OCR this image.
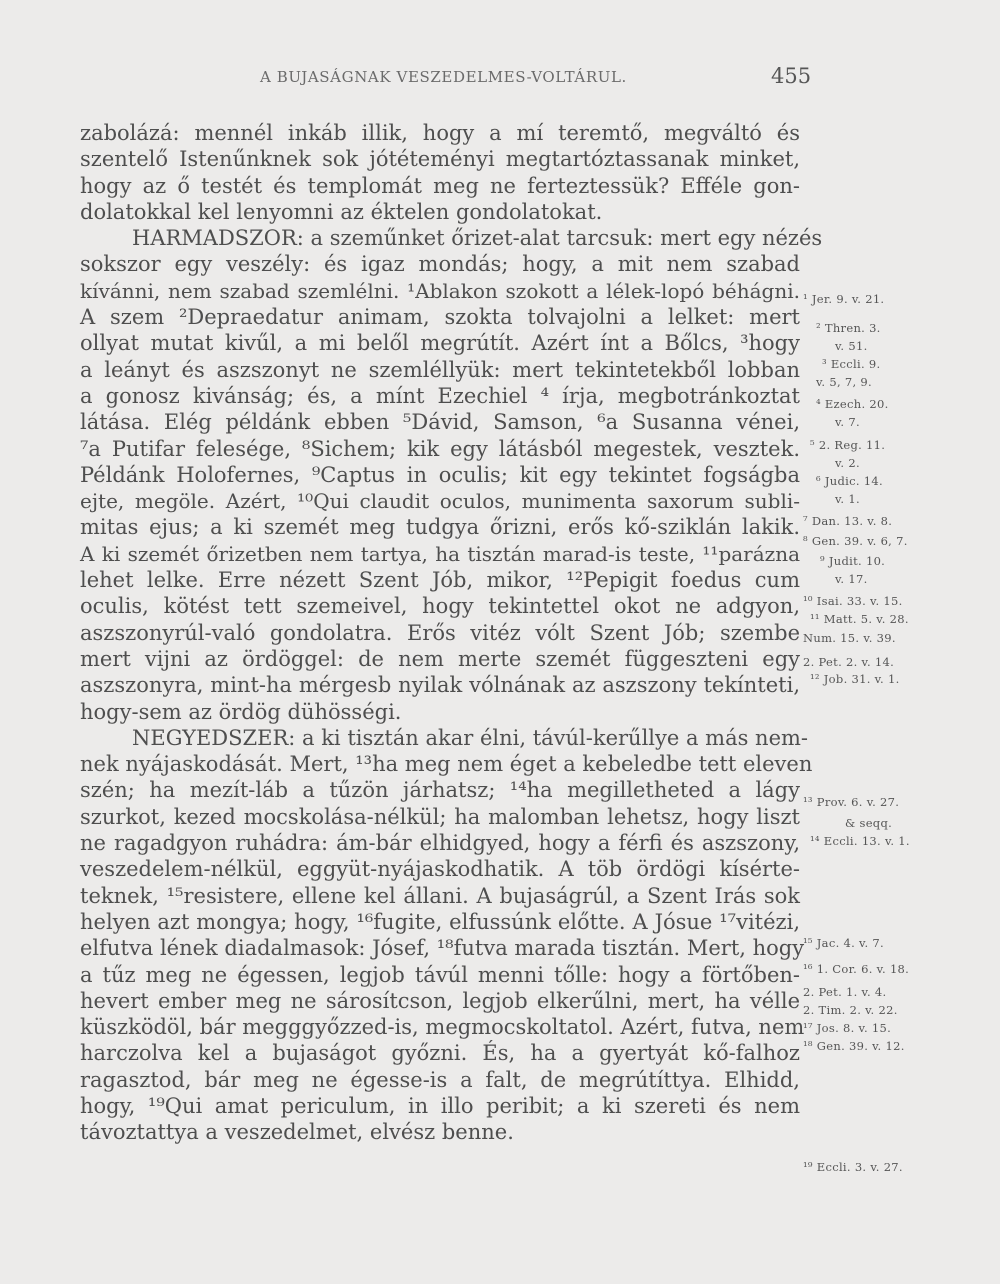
A BUJASÁGNAK VESZEDELMES-VOLTÁRUL.	455
zabolázá: mennél inkáb illik, hogy a mí teremtő, megváltó és
szentelő Istenűnknek sok jótéteményi megtartóztassanak minket,
hogy az ő testét és templomát meg ne ferteztessük? Efféle gon-
dolatokkal kel lenyomni az éktelen gondolatokat.
HARMADSZOR: a szeműnket őrizet-alat tarcsuk: mert egy nézés
sokszor egy veszély: és igaz mondás; hogy, a mit nem szabad
kívánni, nem szabad szemlélni. ¹Ablakon szokott a lélek-lopó béhágni.
A szem ²Depraedatur animam, szokta tolvajolni a lelket: mert
ollyat mutat kivűl, a mi belől megrútít. Azért ínt a Bőlcs, ³hogy
a leányt és aszszonyt ne szemléllyük: mert tekintetekből lobban
a gonosz kivánság; és, a mínt Ezechiel ⁴ írja, megbotránkoztat
látása. Elég példánk ebben ⁵Dávid, Samson, ⁶a Susanna vénei,
⁷a Putifar felesége, ⁸Sichem; kik egy látásból megestek, vesztek.
Példánk Holofernes, ⁹Captus in oculis; kit egy tekintet fogságba
ejte, megöle. Azért, ¹⁰Qui claudit oculos, munimenta saxorum subli-
mitas ejus; a ki szemét meg tudgya őrizni, erős kő-sziklán lakik.
A ki szemét őrizetben nem tartya, ha tisztán marad-is teste, ¹¹parázna
lehet lelke. Erre nézett Szent Jób, mikor, ¹²Pepigit foedus cum
oculis, kötést tett szemeivel, hogy tekintettel okot ne adgyon,
aszszonyrúl-való gondolatra. Erős vitéz vólt Szent Jób; szembe
mert vijni az ördöggel: de nem merte szemét függeszteni egy
aszszonyra, mint-ha mérgesb nyilak vólnának az aszszony tekínteti,
hogy-sem az ördög dühösségi.
NEGYEDSZER: a ki tisztán akar élni, távúl-kerűllye a más nem-
nek nyájaskodását. Mert, ¹³ha meg nem éget a kebeledbe tett eleven
szén; ha mezít-láb a tűzön járhatsz; ¹⁴ha megilletheted a lágy
szurkot, kezed mocskolása-nélkül; ha malomban lehetsz, hogy liszt
ne ragadgyon ruhádra: ám-bár elhidgyed, hogy a férfi és aszszony,
veszedelem-nélkül, eggyüt-nyájaskodhatik. A töb ördögi kísérte-
teknek, ¹⁵resistere, ellene kel állani. A bujaságrúl, a Szent Irás sok
helyen azt mongya; hogy, ¹⁶fugite, elfussúnk előtte. A Jósue ¹⁷vitézi,
elfutva lének diadalmasok: Jósef, ¹⁸futva marada tisztán. Mert, hogy
a tűz meg ne égessen, legjob távúl menni tőlle: hogy a förtőben-
hevert ember meg ne sárosítcson, legjob elkerűlni, mert, ha vélle
küszködöl, bár megggyőzzed-is, megmocskoltatol. Azért, futva, nem
harczolva kel a bujaságot győzni. És, ha a gyertyát kő-falhoz
ragasztod, bár meg ne égesse-is a falt, de megrútíttya. Elhidd,
hogy, ¹⁹Qui amat periculum, in illo peribit; a ki szereti és nem
távoztattya a veszedelmet, elvész benne.
¹ Jer. 9. v. 21.
² Thren. 3.
v. 51.
³ Eccli. 9.
v. 5, 7, 9.
⁴ Ezech. 20.
v. 7.
⁵ 2. Reg. 11.
v. 2.
⁶ Judic. 14.
v. 1.
⁷ Dan. 13. v. 8.
⁸ Gen. 39. v. 6, 7.
⁹ Judit. 10.
v. 17.
¹⁰ Isai. 33. v. 15.
¹¹ Matt. 5. v. 28.
Num. 15. v. 39.
2. Pet. 2. v. 14.
¹² Job. 31. v. 1.
¹³ Prov. 6. v. 27.
& seqq.
¹⁴ Eccli. 13. v. 1.
¹⁵ Jac. 4. v. 7.
¹⁶ 1. Cor. 6. v. 18.
2. Pet. 1. v. 4.
2. Tim. 2. v. 22.
¹⁷ Jos. 8. v. 15.
¹⁸ Gen. 39. v. 12.
¹⁹ Eccli. 3. v. 27.
